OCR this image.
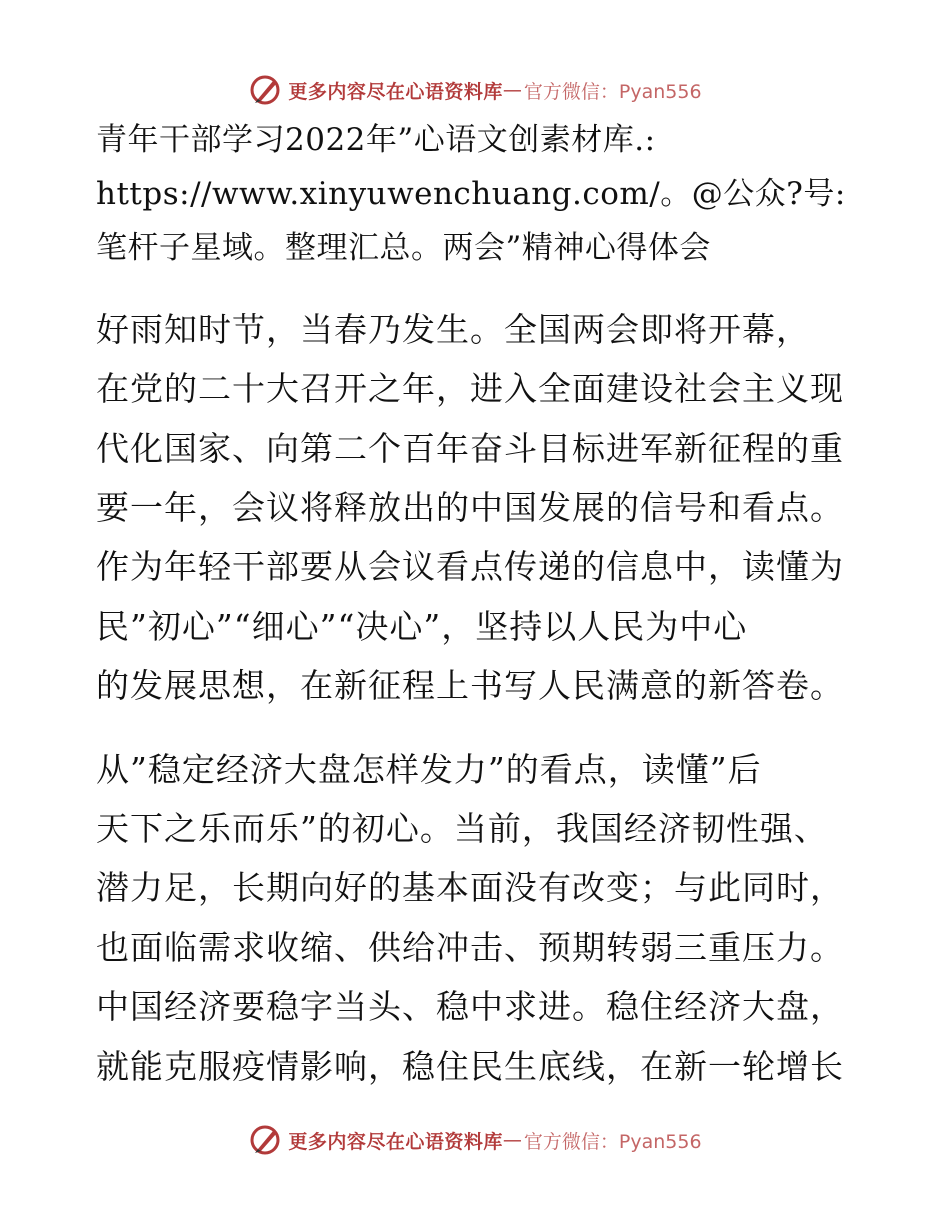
更多内容尽在心语资料库 — 官方微信：Pyan556
青年干部学习2022年”心语文创素材库.:
https://www.xinyuwenchuang.com/。@公众?号:
笔杆子星域。整理汇总。两会”精神心得体会
好雨知时节，当春乃发生。全国两会即将开幕，
在党的二十大召开之年，进入全面建设社会主义现
代化国家、向第二个百年奋斗目标进军新征程的重
要一年，会议将释放出的中国发展的信号和看点。
作为年轻干部要从会议看点传递的信息中，读懂为
民”初心”“细心”“决心”，坚持以人民为中心
的发展思想，在新征程上书写人民满意的新答卷。
从”稳定经济大盘怎样发力”的看点，读懂”后
天下之乐而乐”的初心。当前，我国经济韧性强、
潜力足，长期向好的基本面没有改变；与此同时，
也面临需求收缩、供给冲击、预期转弱三重压力。
中国经济要稳字当头、稳中求进。稳住经济大盘，
就能克服疫情影响，稳住民生底线，在新一轮增长
更多内容尽在心语资料库 — 官方微信：Pyan556
